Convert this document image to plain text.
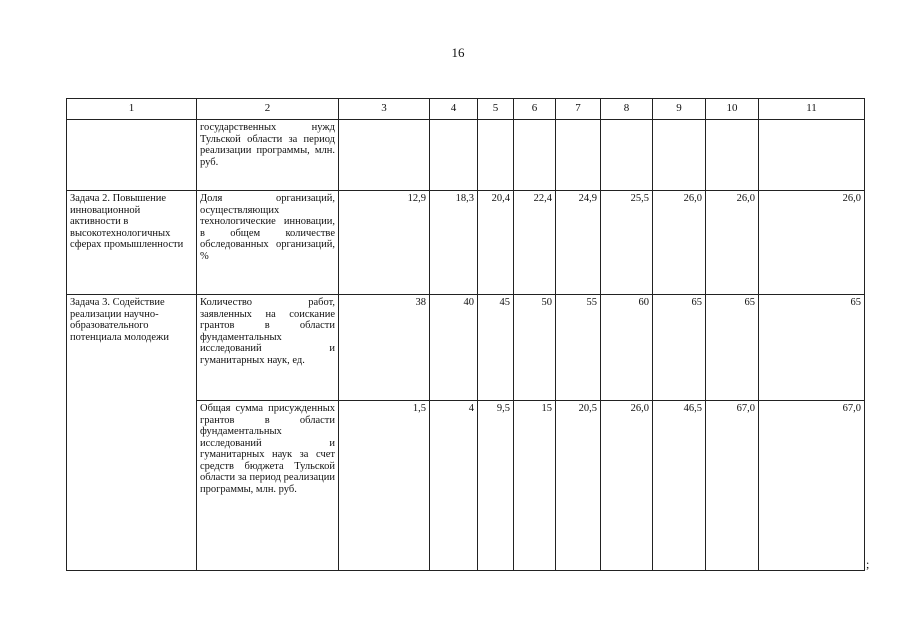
16
1	2	3	4	5	6	7	8	9	10	11
	государственных нужд Тульской области за период реализации программы, млн. руб.									
Задача 2. Повышение инновационной активности в высокотехнологичных сферах промышленности	Доля организаций, осуществляющих технологические инновации, в общем количестве обследованных организаций, %	12,9	18,3	20,4	22,4	24,9	25,5	26,0	26,0	26,0
Задача 3. Содействие реализации научно-образовательного потенциала молодежи	Количество работ, заявленных на соискание грантов в области фундаментальных исследований и гуманитарных наук, ед.	38	40	45	50	55	60	65	65	65
	Общая сумма присужденных грантов в области фундаментальных исследований и гуманитарных наук за счет средств бюджета Тульской области за период реализации программы, млн. руб.	1,5	4	9,5	15	20,5	26,0	46,5	67,0	67,0
;
